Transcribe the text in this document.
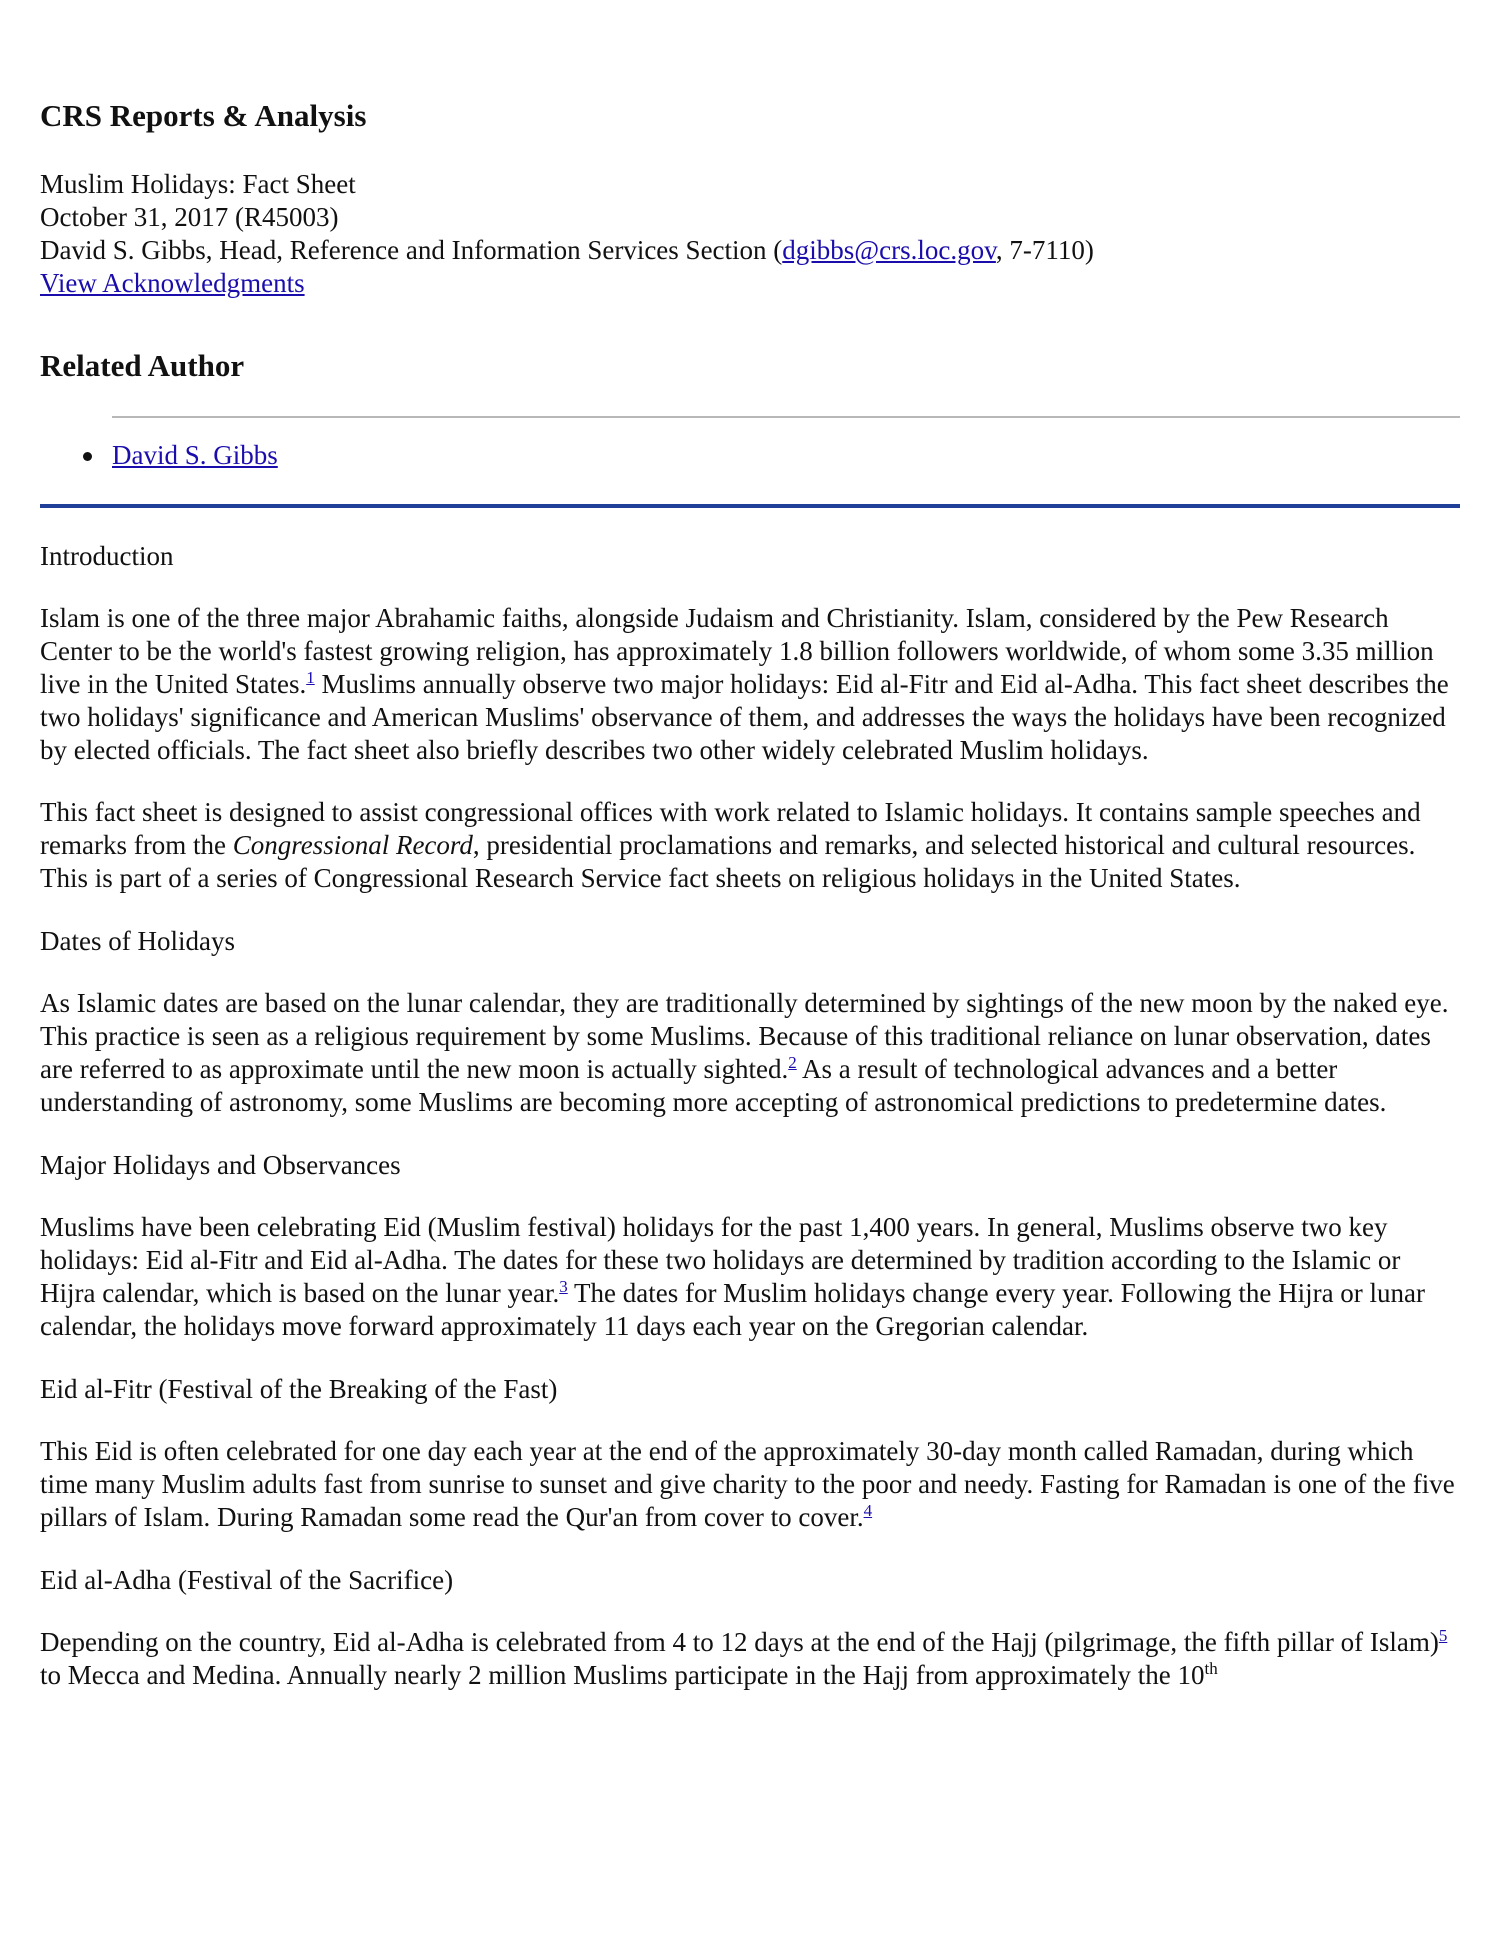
CRS Reports & Analysis
Muslim Holidays: Fact Sheet
October 31, 2017 (R45003)
David S. Gibbs, Head, Reference and Information Services Section (dgibbs@crs.loc.gov, 7-7110)
View Acknowledgments
Related Author
David S. Gibbs
Introduction

Islam is one of the three major Abrahamic faiths, alongside Judaism and Christianity. Islam, considered by the Pew Research Center to be the world's fastest growing religion, has approximately 1.8 billion followers worldwide, of whom some 3.35 million live in the United States.$^1$ Muslims annually observe two major holidays: Eid al-Fitr and Eid al-Adha. This fact sheet describes the two holidays' significance and American Muslims' observance of them, and addresses the ways the holidays have been recognized by elected officials. The fact sheet also briefly describes two other widely celebrated Muslim holidays.

This fact sheet is designed to assist congressional offices with work related to Islamic holidays. It contains sample speeches and remarks from the Congressional Record, presidential proclamations and remarks, and selected historical and cultural resources. This is part of a series of Congressional Research Service fact sheets on religious holidays in the United States.

Dates of Holidays

As Islamic dates are based on the lunar calendar, they are traditionally determined by sightings of the new moon by the naked eye. This practice is seen as a religious requirement by some Muslims. Because of this traditional reliance on lunar observation, dates are referred to as approximate until the new moon is actually sighted.$^2$ As a result of technological advances and a better understanding of astronomy, some Muslims are becoming more accepting of astronomical predictions to predetermine dates.

Major Holidays and Observances

Muslims have been celebrating Eid (Muslim festival) holidays for the past 1,400 years. In general, Muslims observe two key holidays: Eid al-Fitr and Eid al-Adha. The dates for these two holidays are determined by tradition according to the Islamic or Hijra calendar, which is based on the lunar year.$^3$ The dates for Muslim holidays change every year. Following the Hijra or lunar calendar, the holidays move forward approximately 11 days each year on the Gregorian calendar.

Eid al-Fitr (Festival of the Breaking of the Fast)

This Eid is often celebrated for one day each year at the end of the approximately 30-day month called Ramadan, during which time many Muslim adults fast from sunrise to sunset and give charity to the poor and needy. Fasting for Ramadan is one of the five pillars of Islam. During Ramadan some read the Qur'an from cover to cover.$^4$

Eid al-Adha (Festival of the Sacrifice)

Depending on the country, Eid al-Adha is celebrated from 4 to 12 days at the end of the Hajj (pilgrimage, the fifth pillar of Islam)$^5$ to Mecca and Medina. Annually nearly 2 million Muslims participate in the Hajj from approximately the 10th
